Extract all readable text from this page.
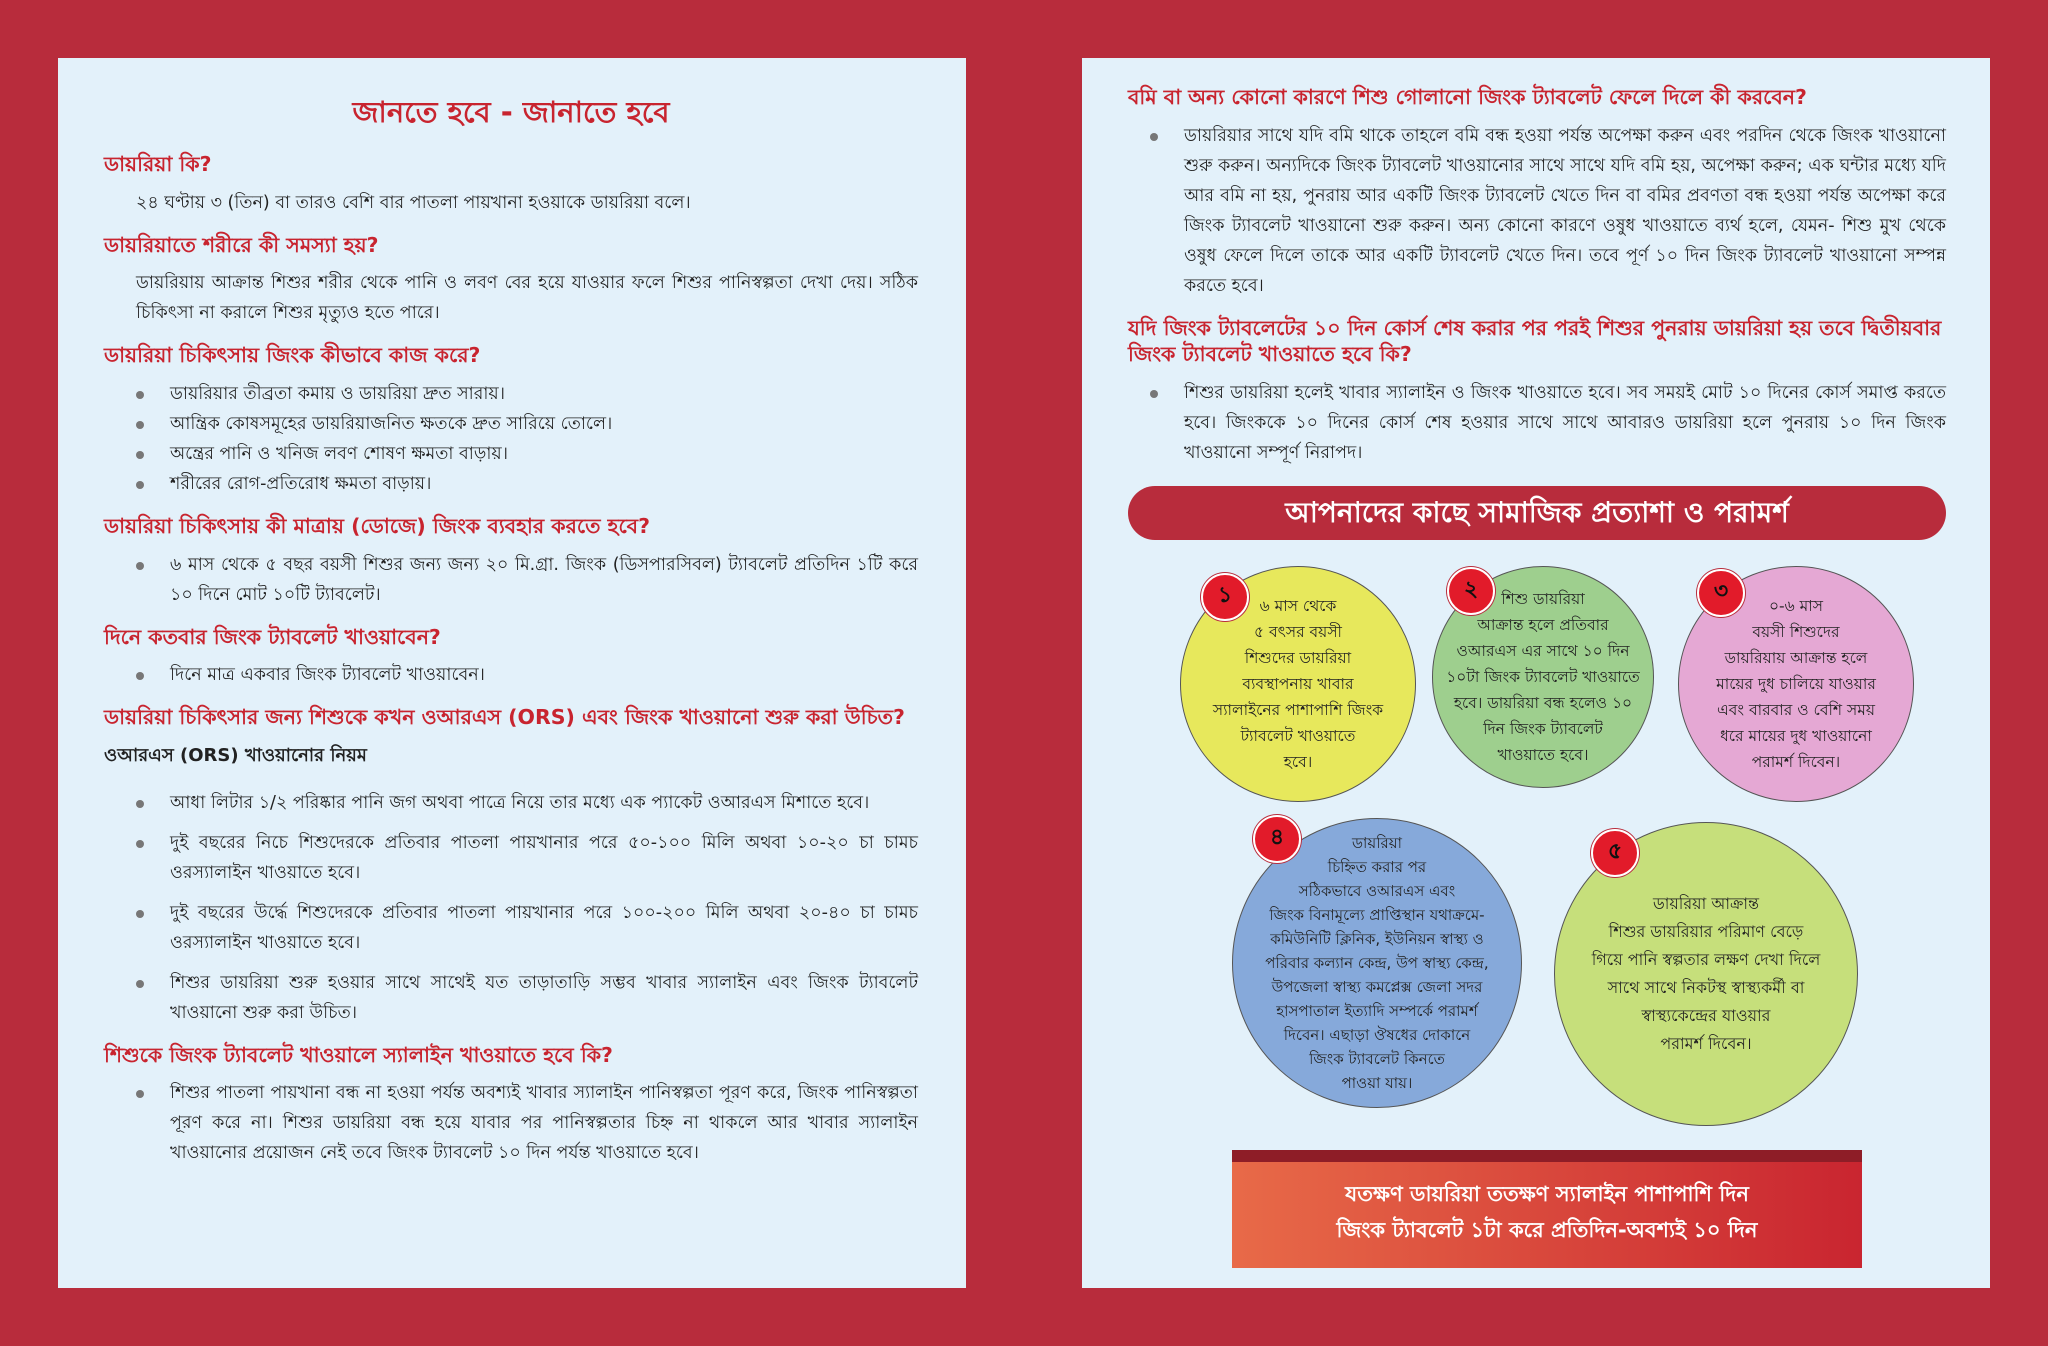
জানতে হবে - জানাতে হবে
ডায়রিয়া কি?
২৪ ঘণ্টায় ৩ (তিন) বা তারও বেশি বার পাতলা পায়খানা হওয়াকে ডায়রিয়া বলে।
ডায়রিয়াতে শরীরে কী সমস্যা হয়?
ডায়রিয়ায় আক্রান্ত শিশুর শরীর থেকে পানি ও লবণ বের হয়ে যাওয়ার ফলে শিশুর পানিস্বল্পতা দেখা দেয়। সঠিক চিকিৎসা না করালে শিশুর মৃত্যুও হতে পারে।
ডায়রিয়া চিকিৎসায় জিংক কীভাবে কাজ করে?
ডায়রিয়ার তীব্রতা কমায় ও ডায়রিয়া দ্রুত সারায়।
আন্ত্রিক কোষসমূহের ডায়রিয়াজনিত ক্ষতকে দ্রুত সারিয়ে তোলে।
অন্ত্রের পানি ও খনিজ লবণ শোষণ ক্ষমতা বাড়ায়।
শরীরের রোগ-প্রতিরোধ ক্ষমতা বাড়ায়।
ডায়রিয়া চিকিৎসায় কী মাত্রায় (ডোজে) জিংক ব্যবহার করতে হবে?
৬ মাস থেকে ৫ বছর বয়সী শিশুর জন্য জন্য ২০ মি.গ্রা. জিংক (ডিসপারসিবল) ট্যাবলেট প্রতিদিন ১টি করে ১০ দিনে মোট ১০টি ট্যাবলেট।
দিনে কতবার জিংক ট্যাবলেট খাওয়াবেন?
দিনে মাত্র একবার জিংক ট্যাবলেট খাওয়াবেন।
ডায়রিয়া চিকিৎসার জন্য শিশুকে কখন ওআরএস (ORS) এবং জিংক খাওয়ানো শুরু করা উচিত?
ওআরএস (ORS) খাওয়ানোর নিয়ম
আধা লিটার ১/২ পরিষ্কার পানি জগ অথবা পাত্রে নিয়ে তার মধ্যে এক প্যাকেট ওআরএস মিশাতে হবে।
দুই বছরের নিচে শিশুদেরকে প্রতিবার পাতলা পায়খানার পরে ৫০-১০০ মিলি অথবা ১০-২০ চা চামচ ওরস্যালাইন খাওয়াতে হবে।
দুই বছরের উর্দ্ধে শিশুদেরকে প্রতিবার পাতলা পায়খানার পরে ১০০-২০০ মিলি অথবা ২০-৪০ চা চামচ ওরস্যালাইন খাওয়াতে হবে।
শিশুর ডায়রিয়া শুরু হওয়ার সাথে সাথেই যত তাড়াতাড়ি সম্ভব খাবার স্যালাইন এবং জিংক ট্যাবলেট খাওয়ানো শুরু করা উচিত।
শিশুকে জিংক ট্যাবলেট খাওয়ালে স্যালাইন খাওয়াতে হবে কি?
শিশুর পাতলা পায়খানা বন্ধ না হওয়া পর্যন্ত অবশ্যই খাবার স্যালাইন পানিস্বল্পতা পূরণ করে, জিংক পানিস্বল্পতা পূরণ করে না। শিশুর ডায়রিয়া বন্ধ হয়ে যাবার পর পানিস্বল্পতার চিহ্ন না থাকলে আর খাবার স্যালাইন খাওয়ানোর প্রয়োজন নেই তবে জিংক ট্যাবলেট ১০ দিন পর্যন্ত খাওয়াতে হবে।
বমি বা অন্য কোনো কারণে শিশু গোলানো জিংক ট্যাবলেট ফেলে দিলে কী করবেন?
ডায়রিয়ার সাথে যদি বমি থাকে তাহলে বমি বন্ধ হওয়া পর্যন্ত অপেক্ষা করুন এবং পরদিন থেকে জিংক খাওয়ানো শুরু করুন। অন্যদিকে জিংক ট্যাবলেট খাওয়ানোর সাথে সাথে যদি বমি হয়, অপেক্ষা করুন; এক ঘন্টার মধ্যে যদি আর বমি না হয়, পুনরায় আর একটি জিংক ট্যাবলেট খেতে দিন বা বমির প্রবণতা বন্ধ হওয়া পর্যন্ত অপেক্ষা করে জিংক ট্যাবলেট খাওয়ানো শুরু করুন। অন্য কোনো কারণে ওষুধ খাওয়াতে ব্যর্থ হলে, যেমন- শিশু মুখ থেকে ওষুধ ফেলে দিলে তাকে আর একটি ট্যাবলেট খেতে দিন। তবে পূর্ণ ১০ দিন জিংক ট্যাবলেট খাওয়ানো সম্পন্ন করতে হবে।
যদি জিংক ট্যাবলেটের ১০ দিন কোর্স শেষ করার পর পরই শিশুর পুনরায় ডায়রিয়া হয় তবে দ্বিতীয়বার জিংক ট্যাবলেট খাওয়াতে হবে কি?
শিশুর ডায়রিয়া হলেই খাবার স্যালাইন ও জিংক খাওয়াতে হবে। সব সময়ই মোট ১০ দিনের কোর্স সমাপ্ত করতে হবে। জিংককে ১০ দিনের কোর্স শেষ হওয়ার সাথে সাথে আবারও ডায়রিয়া হলে পুনরায় ১০ দিন জিংক খাওয়ানো সম্পূর্ণ নিরাপদ।
আপনাদের কাছে সামাজিক প্রত্যাশা ও পরামর্শ
১	৬ মাস থেকে
৫ বৎসর বয়সী
শিশুদের ডায়রিয়া
ব্যবস্থাপনায় খাবার
স্যালাইনের পাশাপাশি জিংক
ট্যাবলেট খাওয়াতে
হবে।
২	শিশু ডায়রিয়া
আক্রান্ত হলে প্রতিবার
ওআরএস এর সাথে ১০ দিন
১০টা জিংক ট্যাবলেট খাওয়াতে
হবে। ডায়রিয়া বন্ধ হলেও ১০
দিন জিংক ট্যাবলেট
খাওয়াতে হবে।
৩
০-৬ মাস
বয়সী শিশুদের
ডায়রিয়ায় আক্রান্ত হলে
মায়ের দুধ চালিয়ে যাওয়ার
এবং বারবার ও বেশি সময়
ধরে মায়ের দুধ খাওয়ানো
পরামর্শ দিবেন।
৪	ডায়রিয়া
চিহ্নিত করার পর
সঠিকভাবে ওআরএস এবং
জিংক বিনামূল্যে প্রাপ্তিস্থান যথাক্রমে-
কমিউনিটি ক্লিনিক, ইউনিয়ন স্বাস্থ্য ও
পরিবার কল্যান কেন্দ্র, উপ স্বাস্থ্য কেন্দ্র,
উপজেলা স্বাস্থ্য কমপ্লেক্স জেলা সদর
হাসপাতাল ইত্যাদি সম্পর্কে পরামর্শ
দিবেন। এছাড়া ঔষধের দোকানে
জিংক ট্যাবলেট কিনতে
পাওয়া যায়।
৫
ডায়রিয়া আক্রান্ত
শিশুর ডায়রিয়ার পরিমাণ বেড়ে
গিয়ে পানি স্বল্পতার লক্ষণ দেখা দিলে
সাথে সাথে নিকটস্থ স্বাস্থ্যকর্মী বা
স্বাস্থ্যকেন্দ্রের যাওয়ার
পরামর্শ দিবেন।
যতক্ষণ ডায়রিয়া ততক্ষণ স্যালাইন পাশাপাশি দিন
জিংক ট্যাবলেট ১টা করে প্রতিদিন-অবশ্যই ১০ দিন
